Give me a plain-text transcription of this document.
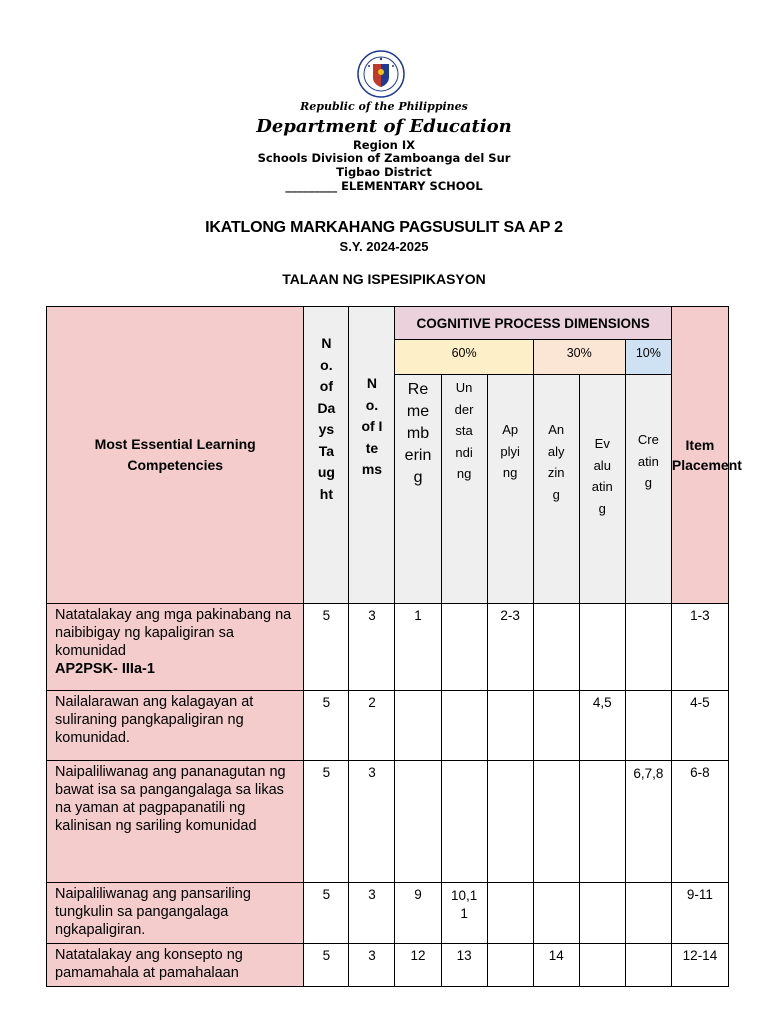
Republic of the Philippines
Department of Education
Region IX
Schools Division of Zamboanga del Sur
Tigbao District
_________ ELEMENTARY SCHOOL
IKATLONG MARKAHANG PAGSUSULIT SA AP 2
S.Y. 2024-2025
TALAAN NG ISPESIPIKASYON
Most Essential Learning Competencies	No. of Days Taught	No. of Items	COGNITIVE PROCESS DIMENSIONS						Item Placement
			60%			30%		10%	
			Remembering	Understanding	Applying	Analyzing	Evaluating	Creating	
Natatalakay ang mga pakinabang na naibibigay ng kapaligiran sa komunidad
AP2PSK- IIIa-1	5	3	1		2-3				1-3
Nailalarawan ang kalagayan at suliraning pangkapaligiran ng komunidad.	5	2					4,5		4-5
Naipaliliwanag ang pananagutan ng bawat isa sa pangangalaga sa likas na yaman at pagpapanatili ng kalinisan ng sariling komunidad	5	3						6,7,8	6-8
Naipaliliwanag ang pansariling tungkulin sa pangangalaga ngkapaligiran.	5	3	9	10,11					9-11
Natatalakay ang konsepto ng pamamahala at pamahalaan	5	3	12	13		14			12-14
